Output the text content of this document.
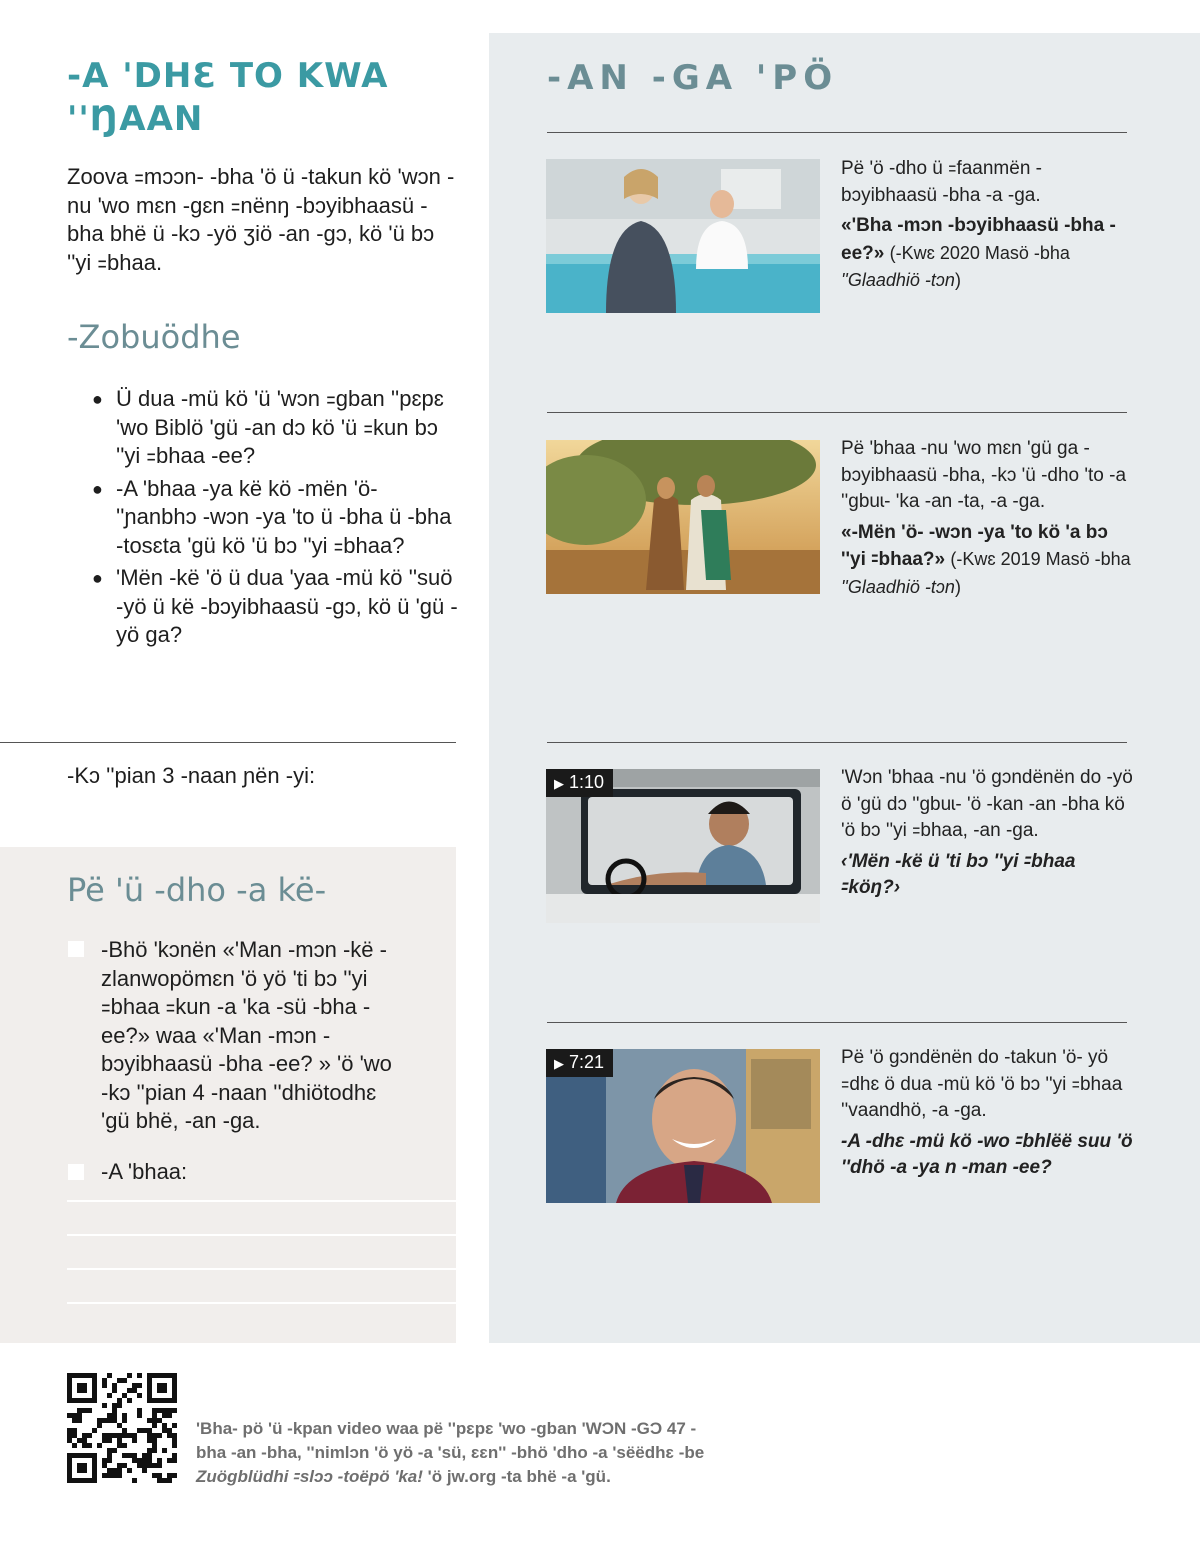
-A 'DHƐ TO KWA ''ŊAAN
Zoova ꞊mɔɔn- -bha 'ö ü -takun kö 'wɔn -nu 'wo mɛn -gɛn ꞊nënŋ -bɔyibhaasü -bha bhë ü -kɔ -yö ʒiö -an -gɔ, kö 'ü bɔ ''yi ꞊bhaa.
-Zobuödhe
● Ü dua -mü kö 'ü 'wɔn ꞊gban ''pɛpɛ 'wo Biblö 'gü -an dɔ kö 'ü ꞊kun bɔ ''yi ꞊bhaa -ee?
● -A 'bhaa -ya kë kö -mën 'ö- ''ɲanbhɔ -wɔn -ya 'to ü -bha ü -bha -tosɛta 'gü kö 'ü bɔ ''yi ꞊bhaa?
● 'Mën -kë 'ö ü dua 'yaa -mü kö ''suö -yö ü kë -bɔyibhaasü -gɔ, kö ü 'gü -yö ga?
-Kɔ ''pian 3 -naan ɲën -yi:
Pë 'ü -dho -a kë-
-Bhö 'kɔnën «'Man -mɔn -kë -zlanwopömɛn 'ö yö 'ti bɔ ''yi ꞊bhaa ꞊kun -a 'ka -sü -bha -ee?» waa «'Man -mɔn -bɔyibhaasü -bha -ee? » 'ö 'wo -kɔ ''pian 4 -naan ''dhiötodhɛ 'gü bhë, -an -ga.
-A 'bhaa:
-AN -GA 'PÖ
Pë 'ö -dho ü ꞊faanmën -bɔyibhaasü -bha -a -ga.
«'Bha -mɔn -bɔyibhaasü -bha -ee?» (-Kwɛ 2020 Masö -bha ''Glaadhiö -tɔn)
Pë 'bhaa -nu 'wo mɛn 'gü ga -bɔyibhaasü -bha, -kɔ 'ü -dho 'to -a ''gbuɩ- 'ka -an -ta, -a -ga.
«-Mën 'ö- -wɔn -ya 'to kö 'a bɔ ''yi ꞊bhaa?» (-Kwɛ 2019 Masö -bha ''Glaadhiö -tɔn)
▶ 1:10	'Wɔn 'bhaa -nu 'ö gɔndënën do -yö ö 'gü dɔ ''gbuɩ- 'ö -kan -an -bha kö 'ö bɔ ''yi ꞊bhaa, -an -ga.
‹'Mën -kë ü 'ti bɔ ''yi ꞊bhaa ꞊köŋ?›
▶ 7:21	Pë 'ö gɔndënën do -takun 'ö- yö ꞊dhɛ ö dua -mü kö 'ö bɔ ''yi ꞊bhaa ''vaandhö, -a -ga.
-A -dhɛ -mü kö -wo ꞊bhlëë suu 'ö ''dhö -a -ya n -man -ee?
'Bha- pö 'ü -kpan video waa pë ''pɛpɛ 'wo -gban 'WƆN -GƆ 47 -bha -an -bha, ''nimlɔn 'ö yö -a 'sü, ɛɛn'' -bhö 'dho -a 'sëëdhɛ -be Zuögblüdhi ꞊slɔɔ -toëpö 'ka! 'ö jw.org -ta bhë -a 'gü.
